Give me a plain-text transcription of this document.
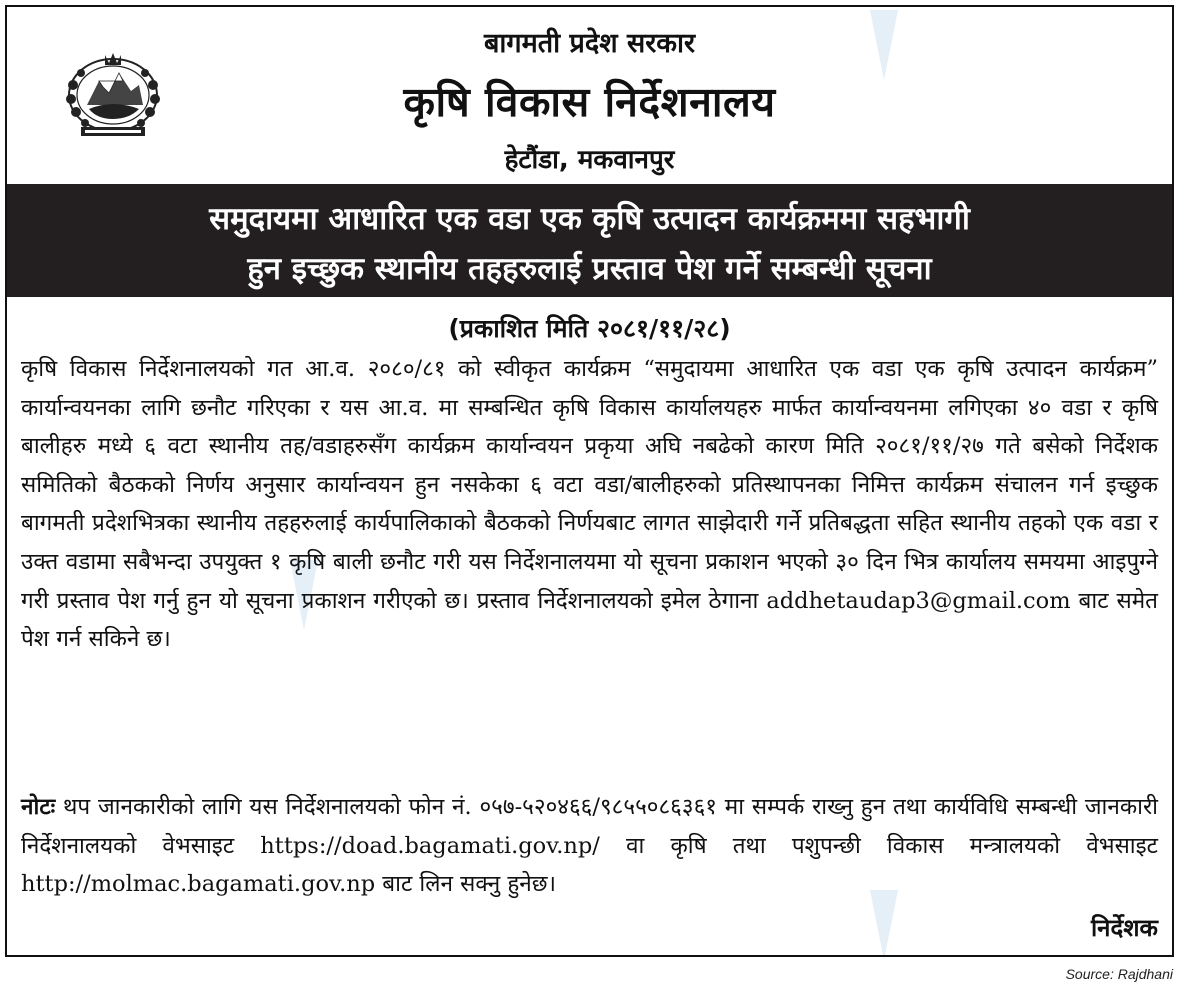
बागमती प्रदेश सरकार
कृषि विकास निर्देशनालय
हेटौंडा, मकवानपुर
समुदायमा आधारित एक वडा एक कृषि उत्पादन कार्यक्रममा सहभागी
हुन इच्छुक स्थानीय तहहरुलाई प्रस्ताव पेश गर्ने सम्बन्धी सूचना
(प्रकाशित मिति २०८१/११/२८)
कृषि विकास निर्देशनालयको गत आ.व. २०८०/८१ को स्वीकृत कार्यक्रम “समुदायमा आधारित एक वडा एक कृषि उत्पादन कार्यक्रम” कार्यान्वयनका लागि छनौट गरिएका र यस आ.व. मा सम्बन्धित कृषि विकास कार्यालयहरु मार्फत कार्यान्वयनमा लगिएका ४० वडा र कृषि बालीहरु मध्ये ६ वटा स्थानीय तह/वडाहरुसँग कार्यक्रम कार्यान्वयन प्रकृया अघि नबढेको कारण मिति २०८१/११/२७ गते बसेको निर्देशक समितिको बैठकको निर्णय अनुसार कार्यान्वयन हुन नसकेका ६ वटा वडा/बालीहरुको प्रतिस्थापनका निमित्त कार्यक्रम संचालन गर्न इच्छुक बागमती प्रदेशभित्रका स्थानीय तहहरुलाई कार्यपालिकाको बैठकको निर्णयबाट लागत साझेदारी गर्ने प्रतिबद्धता सहित स्थानीय तहको एक वडा र उक्त वडामा सबैभन्दा उपयुक्त १ कृषि बाली छनौट गरी यस निर्देशनालयमा यो सूचना प्रकाशन भएको ३० दिन भित्र कार्यालय समयमा आइपुग्ने गरी प्रस्ताव पेश गर्नु हुन यो सूचना प्रकाशन गरीएको छ। प्रस्ताव निर्देशनालयको इमेल ठेगाना addhetaudap3@gmail.com बाट समेत पेश गर्न सकिने छ।
नोटः थप जानकारीको लागि यस निर्देशनालयको फोन नं. ०५७-५२०४६६/९८५५०८६३६१ मा सम्पर्क राख्नु हुन तथा कार्यविधि सम्बन्धी जानकारी निर्देशनालयको वेभसाइट https://doad.bagamati.gov.np/ वा कृषि तथा पशुपन्छी विकास मन्त्रालयको वेभसाइट http://molmac.bagamati.gov.np बाट लिन सक्नु हुनेछ।
निर्देशक
Source: Rajdhani
